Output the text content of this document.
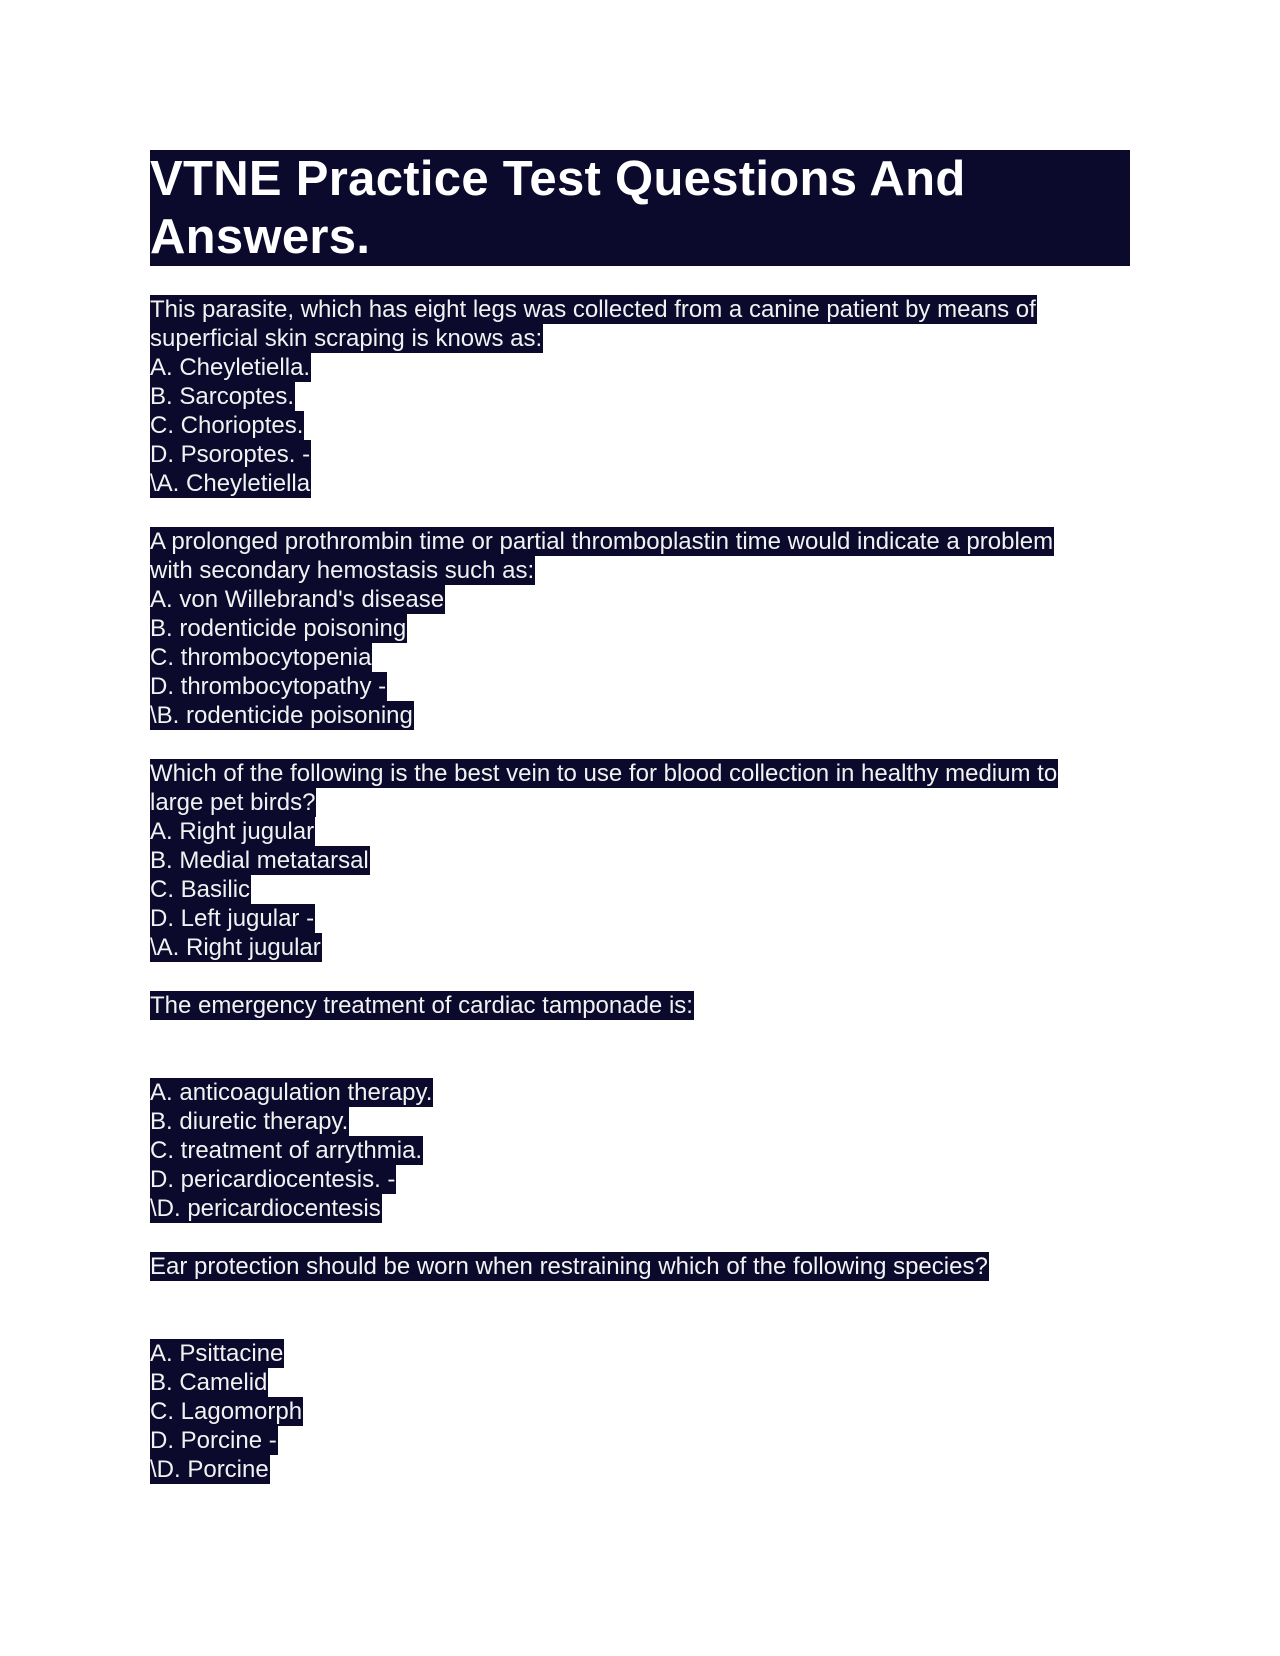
VTNE Practice Test Questions And
Answers.
This parasite, which has eight legs was collected from a canine patient by means of
superficial skin scraping is knows as:
A. Cheyletiella.
B. Sarcoptes.
C. Chorioptes.
D. Psoroptes. -
\A. Cheyletiella
A prolonged prothrombin time or partial thromboplastin time would indicate a problem
with secondary hemostasis such as:
A. von Willebrand's disease
B. rodenticide poisoning
C. thrombocytopenia
D. thrombocytopathy -
\B. rodenticide poisoning
Which of the following is the best vein to use for blood collection in healthy medium to
large pet birds?
A. Right jugular
B. Medial metatarsal
C. Basilic
D. Left jugular -
\A. Right jugular
The emergency treatment of cardiac tamponade is:
A. anticoagulation therapy.
B. diuretic therapy.
C. treatment of arrythmia.
D. pericardiocentesis. -
\D. pericardiocentesis
Ear protection should be worn when restraining which of the following species?
A. Psittacine
B. Camelid
C. Lagomorph
D. Porcine -
\D. Porcine
